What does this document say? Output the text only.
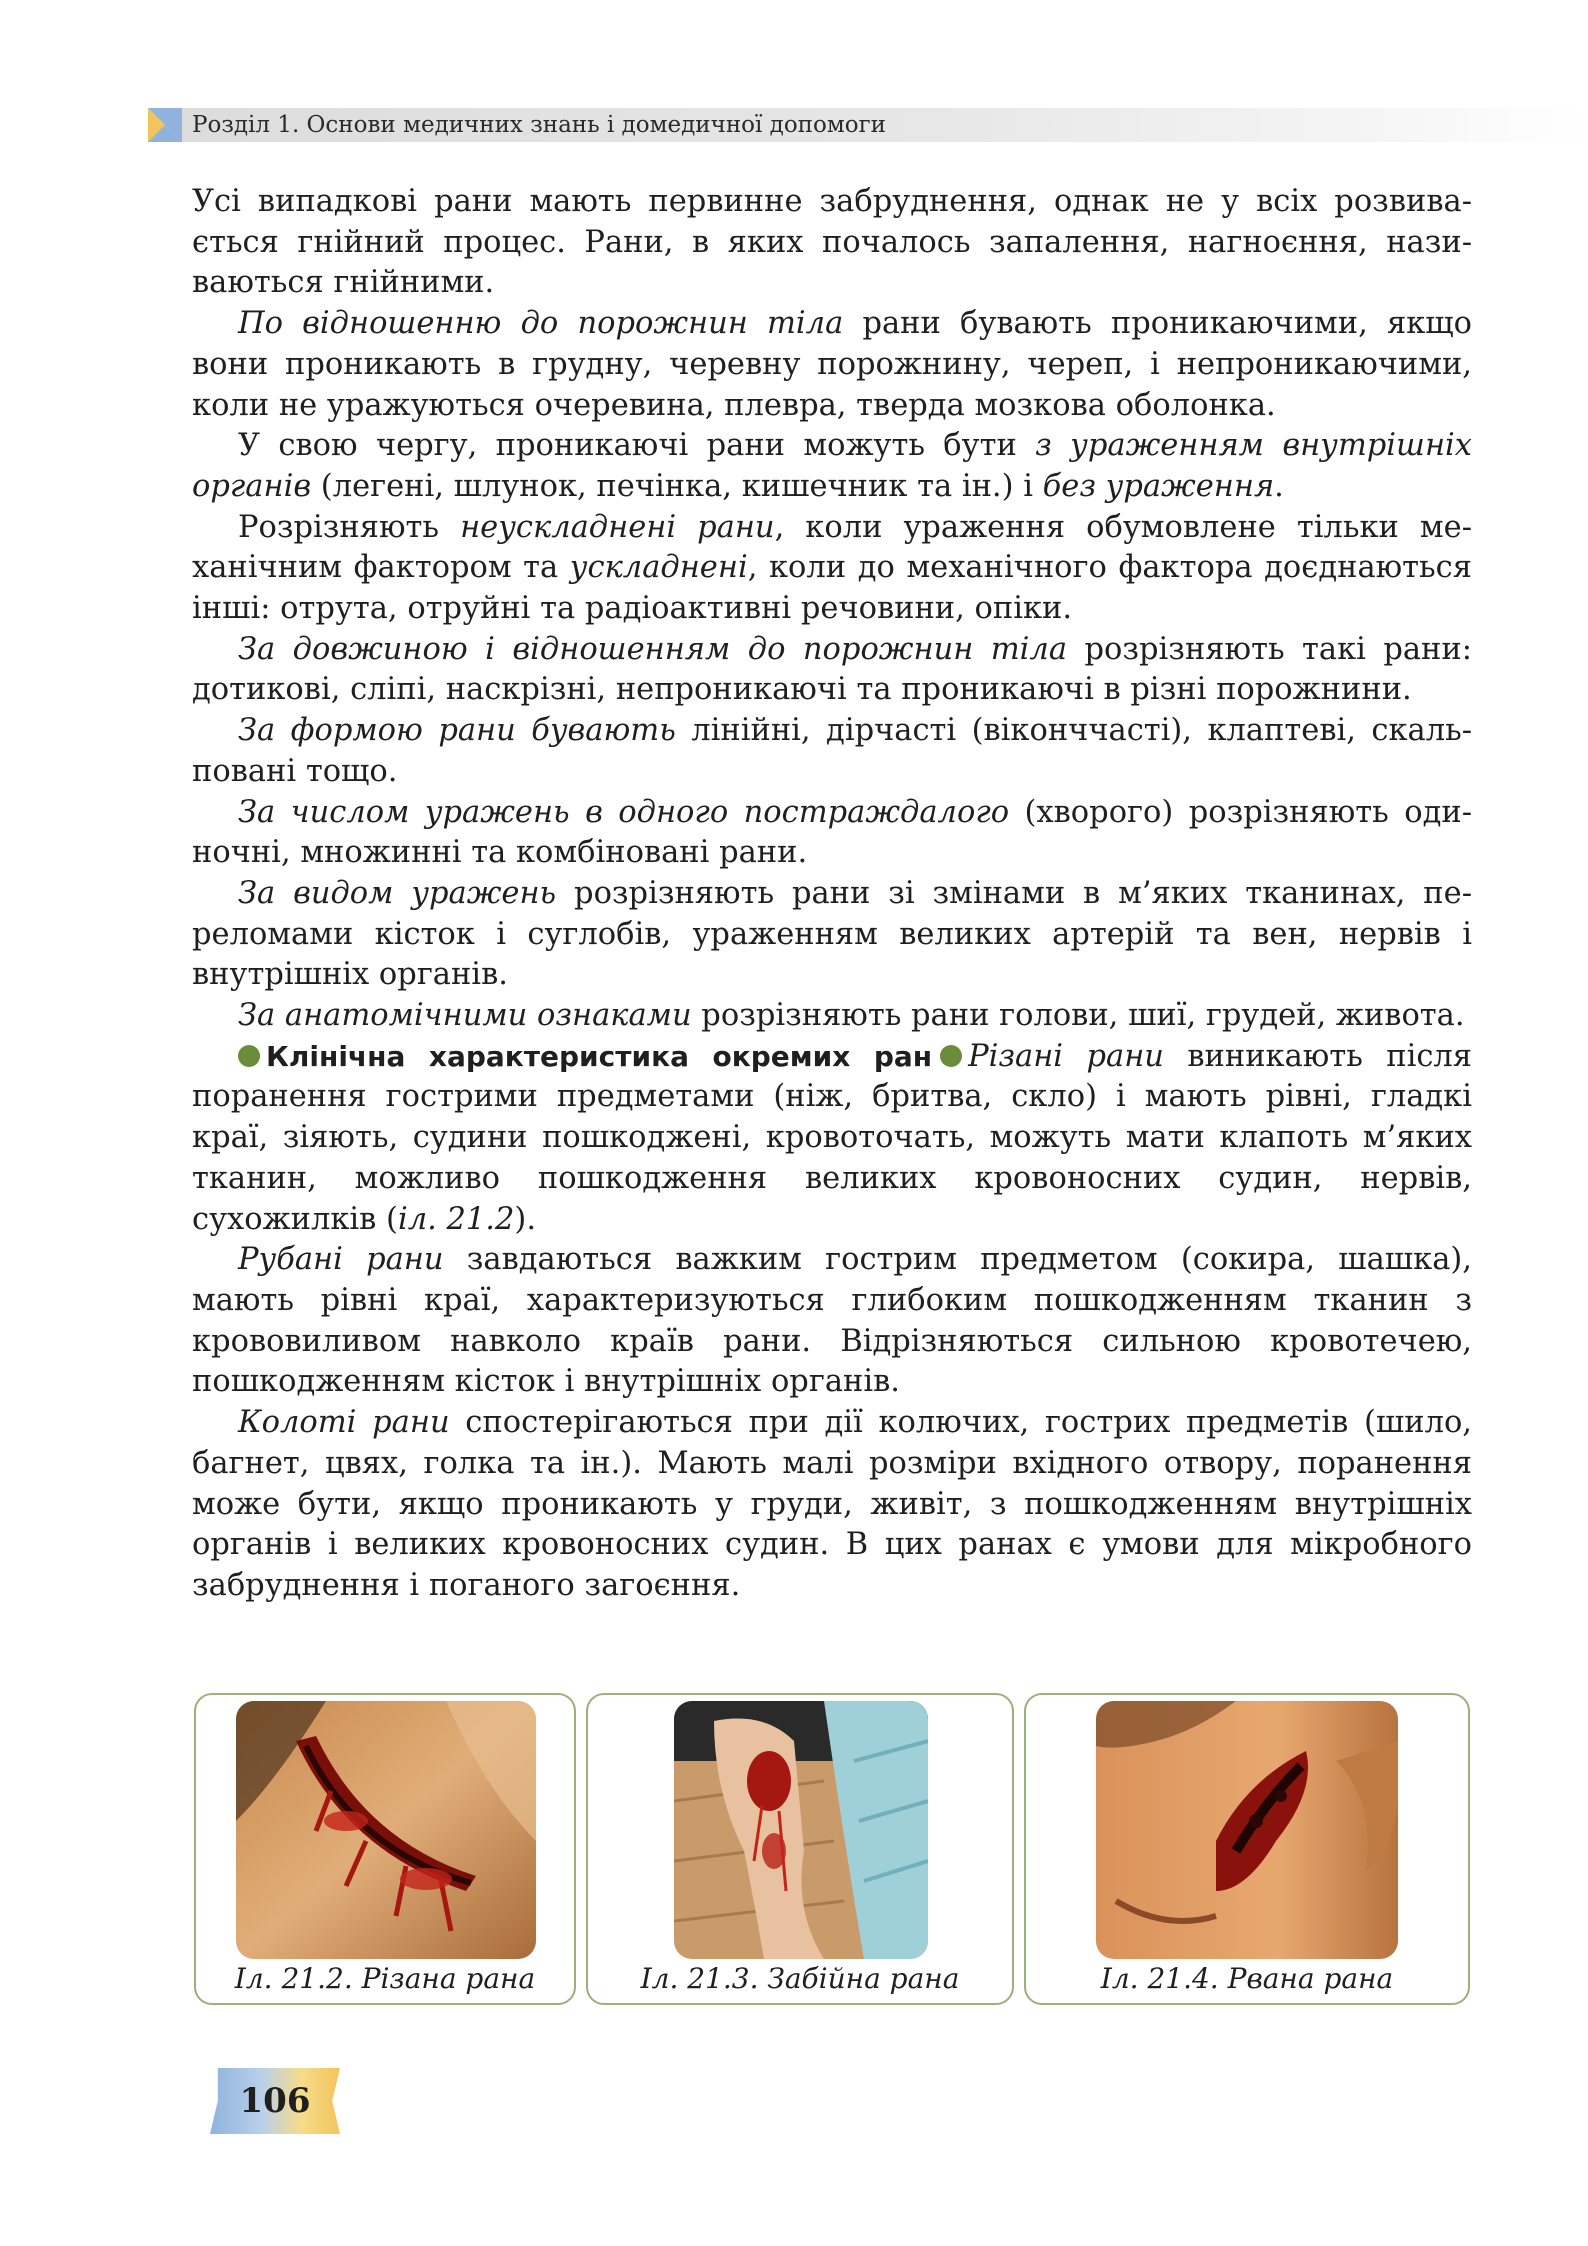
Розділ 1. Основи медичних знань і домедичної допомоги

Усі випадкові рани мають первинне забруднення, однак не у всіх розвивається гнійний процес. Рани, в яких почалось запалення, нагноєння, називаються гнійними.

По відношенню до порожнин тіла рани бувають проникаючими, якщо вони проникають в грудну, черевну порожнину, череп, і непроникаючими, коли не уражуються очеревина, плевра, тверда мозкова оболонка.

У свою чергу, проникаючі рани можуть бути з ураженням внутрішніх органів (легені, шлунок, печінка, кишечник та ін.) і без ураження.

Розрізняють неускладнені рани, коли ураження обумовлене тільки механічним фактором та ускладнені, коли до механічного фактора доєднаються інші: отрута, отруйні та радіоактивні речовини, опіки.

За довжиною і відношенням до порожнин тіла розрізняють такі рани: дотикові, сліпі, наскрізні, непроникаючі та проникаючі в різні порожнини.

За формою рани бувають лінійні, дірчасті (віконччасті), клаптеві, скальповані тощо.

За числом уражень в одного постраждалого (хворого) розрізняють одиночні, множинні та комбіновані рани.

За видом уражень розрізняють рани зі змінами в м’яких тканинах, переломами кісток і суглобів, ураженням великих артерій та вен, нервів і внутрішніх органів.

За анатомічними ознаками розрізняють рани голови, шиї, грудей, живота.

Клінічна характеристика окремих ран Різані рани виникають після поранення гострими предметами (ніж, бритва, скло) і мають рівні, гладкі краї, зіяють, судини пошкоджені, кровоточать, можуть мати клапоть м’яких тканин, можливо пошкодження великих кровоносних судин, нервів, сухожилків (іл. 21.2).

Рубані рани завдаються важким гострим предметом (сокира, шашка), мають рівні краї, характеризуються глибоким пошкодженням тканин з крововиливом навколо країв рани. Відрізняються сильною кровотечею, пошкодженням кісток і внутрішніх органів.

Колоті рани спостерігаються при дії колючих, гострих предметів (шило, багнет, цвях, голка та ін.). Мають малі розміри вхідного отвору, поранення може бути, якщо проникають у груди, живіт, з пошкодженням внутрішніх органів і великих кровоносних судин. В цих ранах є умови для мікробного забруднення і поганого загоєння.

Іл. 21.2. Різана рана	Іл. 21.3. Забійна рана	Іл. 21.4. Рвана рана
106
